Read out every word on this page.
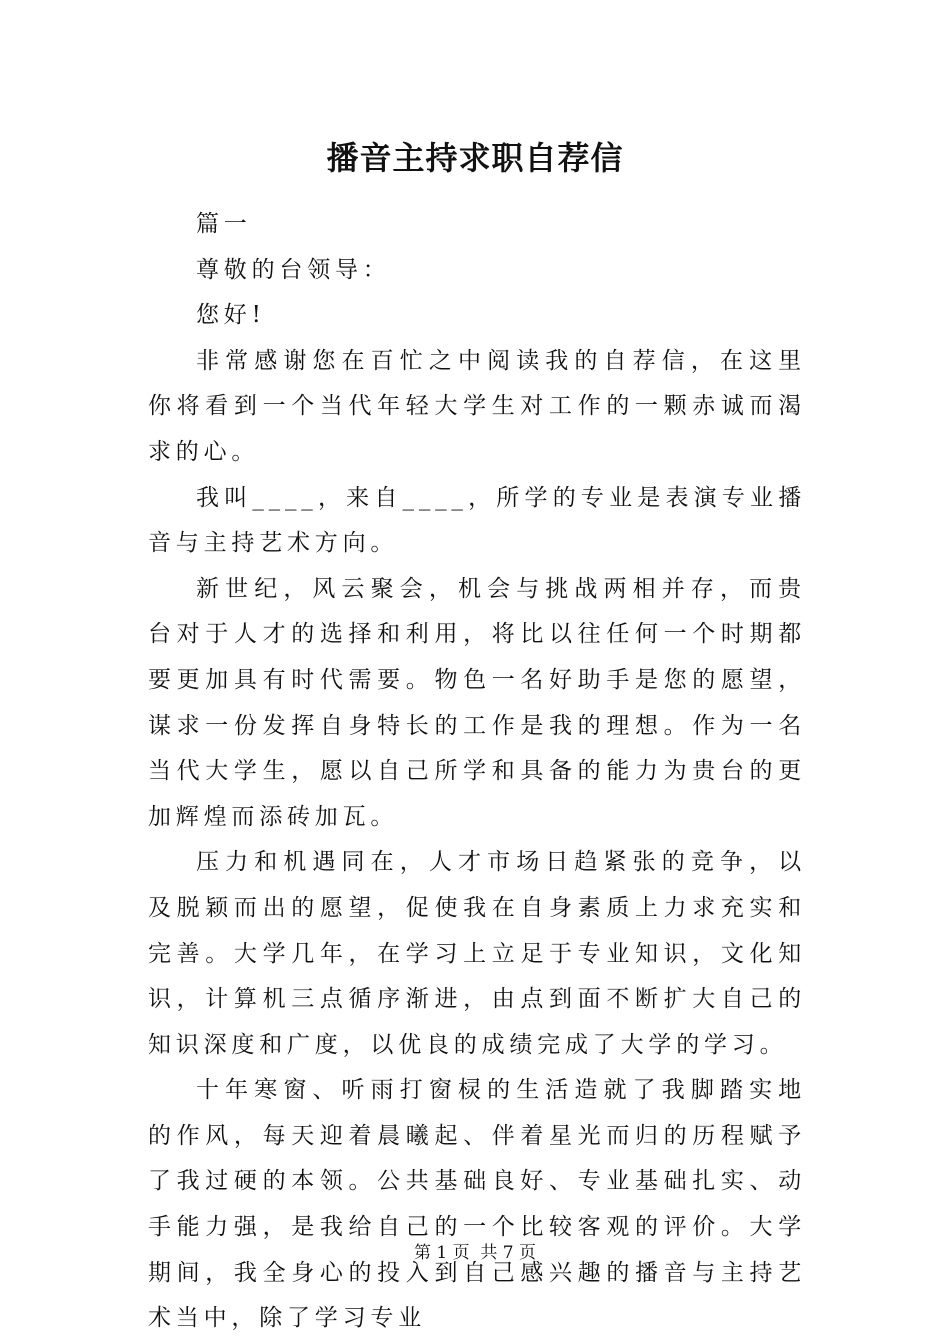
播音主持求职自荐信

篇一

尊敬的台领导：

您好!

非常感谢您在百忙之中阅读我的自荐信，在这里你将看到一个当代年轻大学生对工作的一颗赤诚而渴求的心。

我叫____，来自____，所学的专业是表演专业播音与主持艺术方向。

新世纪，风云聚会，机会与挑战两相并存，而贵台对于人才的选择和利用，将比以往任何一个时期都要更加具有时代需要。物色一名好助手是您的愿望，谋求一份发挥自身特长的工作是我的理想。作为一名当代大学生，愿以自己所学和具备的能力为贵台的更加辉煌而添砖加瓦。

压力和机遇同在，人才市场日趋紧张的竞争，以及脱颖而出的愿望，促使我在自身素质上力求充实和完善。大学几年，在学习上立足于专业知识，文化知识，计算机三点循序渐进，由点到面不断扩大自己的知识深度和广度，以优良的成绩完成了大学的学习。

十年寒窗、听雨打窗棂的生活造就了我脚踏实地的作风，每天迎着晨曦起、伴着星光而归的历程赋予了我过硬的本领。公共基础良好、专业基础扎实、动手能力强，是我给自己的一个比较客观的评价。大学期间，我全身心的投入到自己感兴趣的播音与主持艺术当中，除了学习专业

第 1 页  共 7 页
